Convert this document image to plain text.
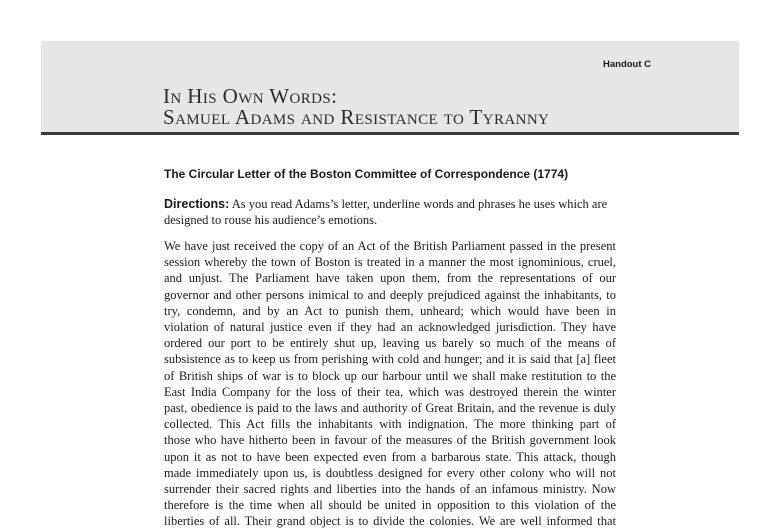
Handout C
In His Own Words:
Samuel Adams and Resistance to Tyranny
The Circular Letter of the Boston Committee of Correspondence (1774)
Directions: As you read Adams’s letter, underline words and phrases he uses which are designed to rouse his audience’s emotions.
We have just received the copy of an Act of the British Parliament passed in the present
session whereby the town of Boston is treated in a manner the most ignominious, cruel,
and unjust. The Parliament have taken upon them, from the representations of our
governor and other persons inimical to and deeply prejudiced against the inhabitants, to
try, condemn, and by an Act to punish them, unheard; which would have been in
violation of natural justice even if they had an acknowledged jurisdiction. They have
ordered our port to be entirely shut up, leaving us barely so much of the means of
subsistence as to keep us from perishing with cold and hunger; and it is said that [a] fleet
of British ships of war is to block up our harbour until we shall make restitution to the
East India Company for the loss of their tea, which was destroyed therein the winter
past, obedience is paid to the laws and authority of Great Britain, and the revenue is duly
collected. This Act fills the inhabitants with indignation. The more thinking part of
those who have hitherto been in favour of the measures of the British government look
upon it as not to have been expected even from a barbarous state. This attack, though
made immediately upon us, is doubtless designed for every other colony who will not
surrender their sacred rights and liberties into the hands of an infamous ministry. Now
therefore is the time when all should be united in opposition to this violation of the
liberties of all. Their grand object is to divide the colonies. We are well informed that
